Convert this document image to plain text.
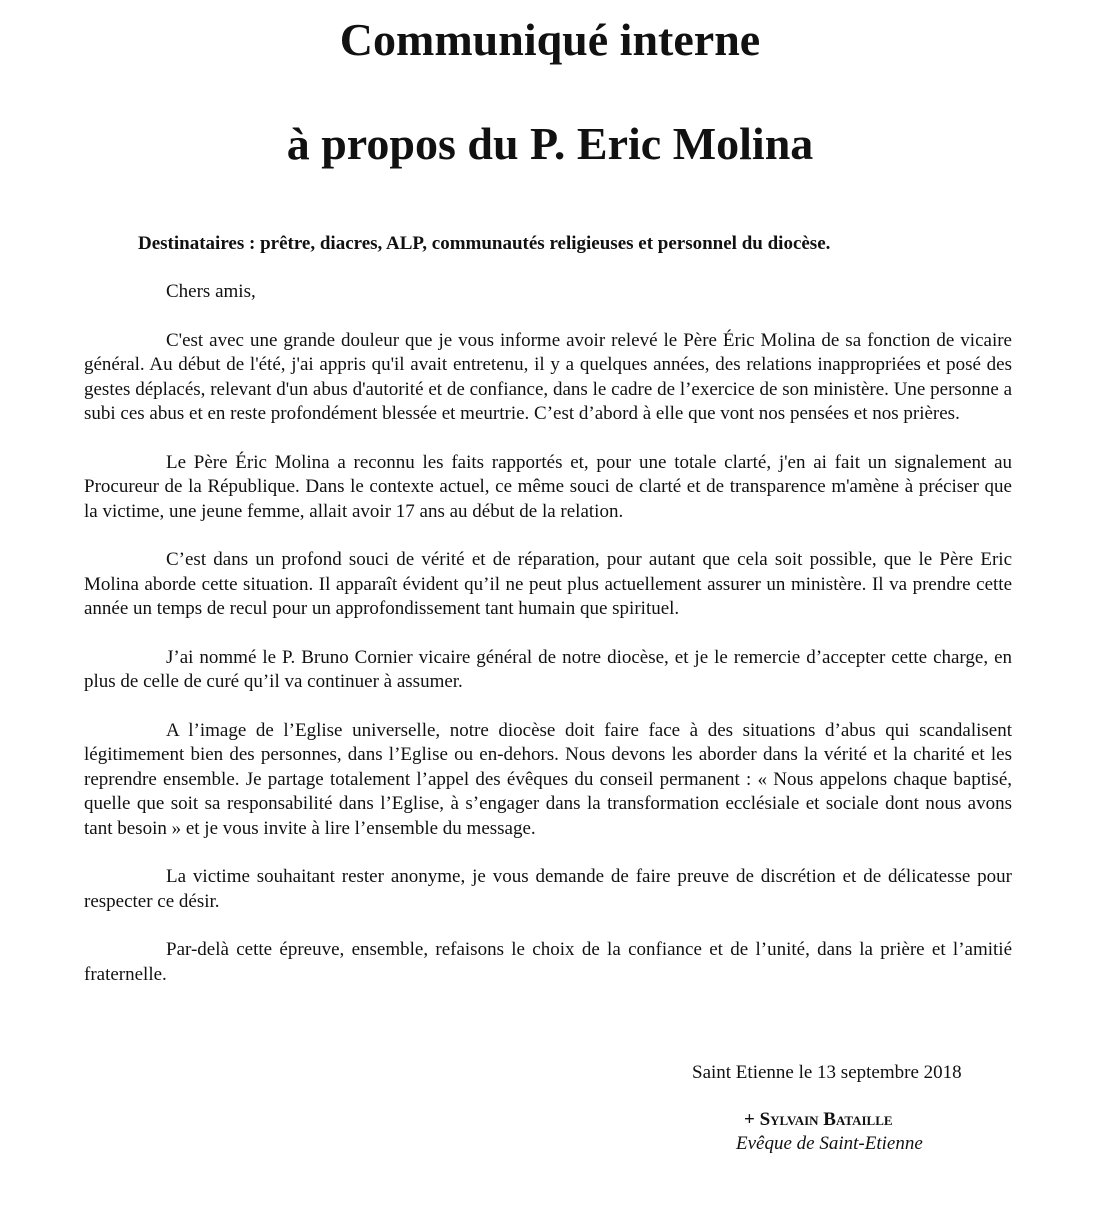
Communiqué interne
à propos du P. Eric Molina
Destinataires : prêtre, diacres, ALP, communautés religieuses et personnel du diocèse.

Chers amis,

C'est avec une grande douleur que je vous informe avoir relevé le Père Éric Molina de sa fonction de vicaire général. Au début de l'été, j'ai appris qu'il avait entretenu, il y a quelques années, des relations inappropriées et posé des gestes déplacés, relevant d'un abus d'autorité et de confiance, dans le cadre de l’exercice de son ministère. Une personne a subi ces abus et en reste profondément blessée et meurtrie. C’est d’abord à elle que vont nos pensées et nos prières.

Le Père Éric Molina a reconnu les faits rapportés et, pour une totale clarté, j'en ai fait un signalement au Procureur de la République. Dans le contexte actuel, ce même souci de clarté et de transparence m'amène à préciser que la victime, une jeune femme, allait avoir 17 ans au début de la relation.

C’est dans un profond souci de vérité et de réparation, pour autant que cela soit possible, que le Père Eric Molina aborde cette situation. Il apparaît évident qu’il ne peut plus actuellement assurer un ministère. Il va prendre cette année un temps de recul pour un approfondissement tant humain que spirituel.

J’ai nommé le P. Bruno Cornier vicaire général de notre diocèse, et je le remercie d’accepter cette charge, en plus de celle de curé qu’il va continuer à assumer.

A l’image de l’Eglise universelle, notre diocèse doit faire face à des situations d’abus qui scandalisent légitimement bien des personnes, dans l’Eglise ou en-dehors. Nous devons les aborder dans la vérité et la charité et les reprendre ensemble. Je partage totalement l’appel des évêques du conseil permanent : « Nous appelons chaque baptisé, quelle que soit sa responsabilité dans l’Eglise, à s’engager dans la transformation ecclésiale et sociale dont nous avons tant besoin » et je vous invite à lire l’ensemble du message.

La victime souhaitant rester anonyme, je vous demande de faire preuve de discrétion et de délicatesse pour respecter ce désir.

Par-delà cette épreuve, ensemble, refaisons le choix de la confiance et de l’unité, dans la prière et l’amitié fraternelle.

Saint Etienne le 13 septembre 2018
+ Sylvain Bataille
Evêque de Saint-Etienne
